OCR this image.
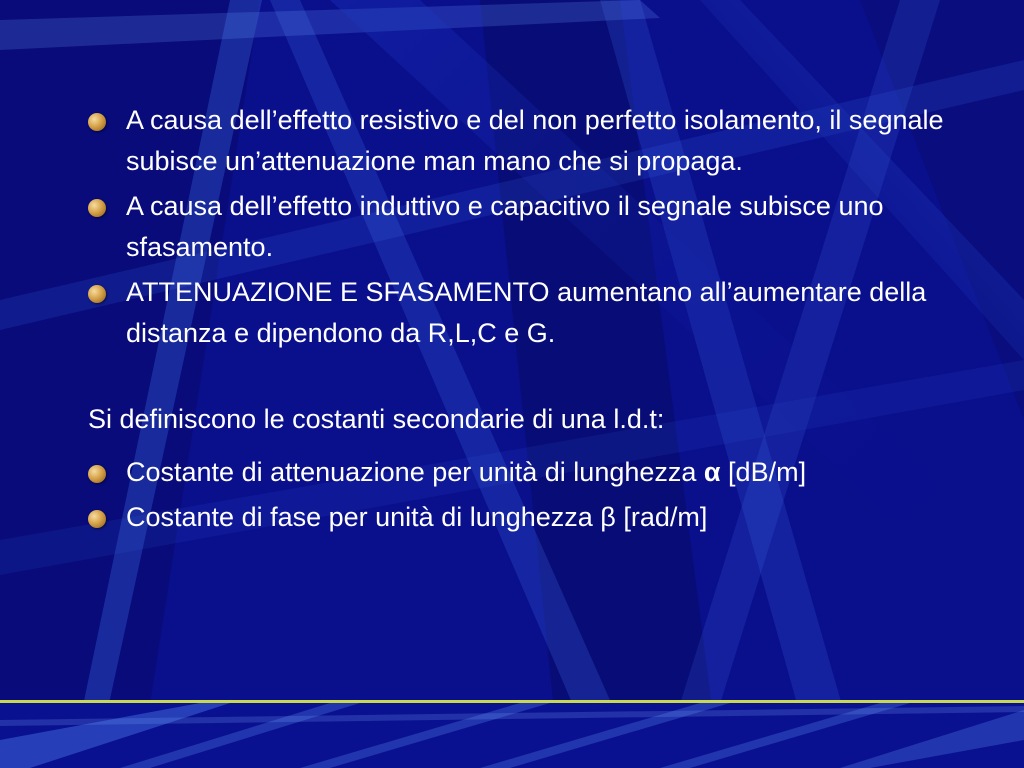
A causa dell’effetto resistivo e del non perfetto isolamento, il segnale subisce un’attenuazione man mano che si propaga.
A causa dell’effetto induttivo e capacitivo il segnale subisce uno sfasamento.
ATTENUAZIONE E SFASAMENTO aumentano all’aumentare della distanza e dipendono da R,L,C e G.
Si definiscono le costanti secondarie di una l.d.t:
Costante di attenuazione per unità di lunghezza α [dB/m]
Costante di fase per unità di lunghezza β [rad/m]
